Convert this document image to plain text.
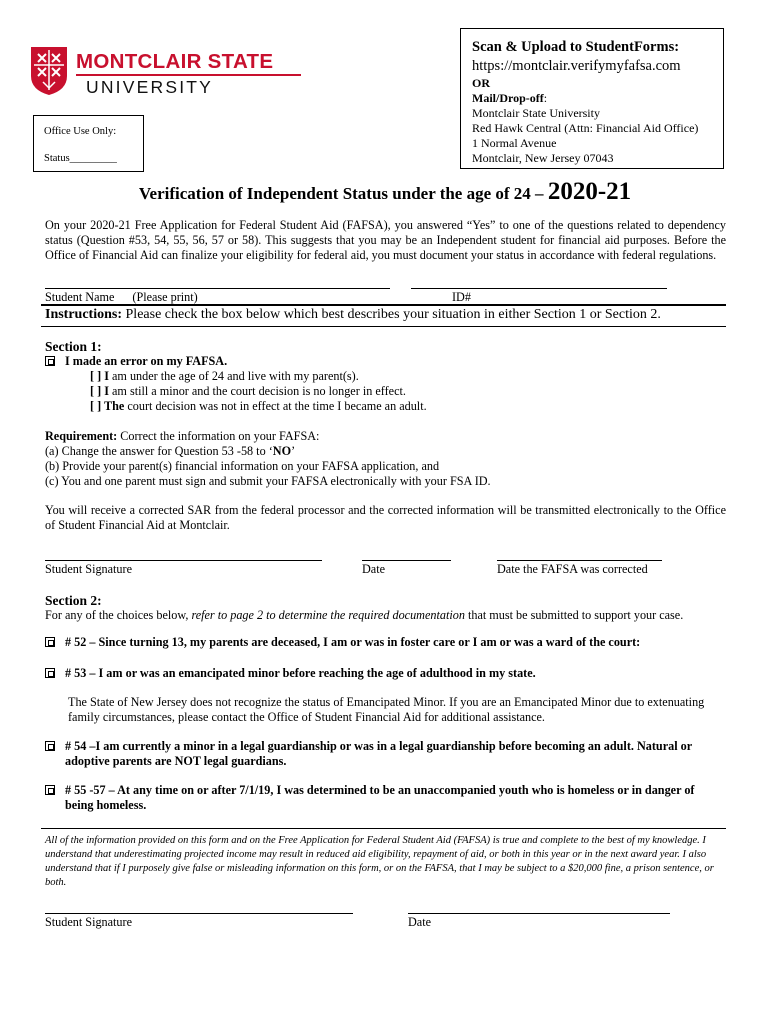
MONTCLAIR STATE
UNIVERSITY
Office Use Only:
Status_________
Scan & Upload to StudentForms:
https://montclair.verifymyfafsa.com
OR
Mail/Drop-off:
Montclair State University
Red Hawk Central (Attn: Financial Aid Office)
1 Normal Avenue
Montclair, New Jersey 07043
Verification of Independent Status under the age of 24 – 2020-21
On your 2020-21 Free Application for Federal Student Aid (FAFSA), you answered “Yes” to one of the questions related to dependency status (Question #53, 54, 55, 56, 57 or 58). This suggests that you may be an Independent student for financial aid purposes. Before the Office of Financial Aid can finalize your eligibility for federal aid, you must document your status in accordance with federal regulations.
Student Name (Please print)	ID#
Instructions: Please check the box below which best describes your situation in either Section 1 or Section 2.
Section 1:
I made an error on my FAFSA.
[ ] I am under the age of 24 and live with my parent(s).
[ ] I am still a minor and the court decision is no longer in effect.
[ ] The court decision was not in effect at the time I became an adult.
Requirement: Correct the information on your FAFSA:
(a) Change the answer for Question 53 -58 to ‘NO’
(b) Provide your parent(s) financial information on your FAFSA application, and
(c) You and one parent must sign and submit your FAFSA electronically with your FSA ID.
You will receive a corrected SAR from the federal processor and the corrected information will be transmitted electronically to the Office of Student Financial Aid at Montclair.
Student Signature	Date	Date the FAFSA was corrected
Section 2:
For any of the choices below, refer to page 2 to determine the required documentation that must be submitted to support your case.
# 52 – Since turning 13, my parents are deceased, I am or was in foster care or I am or was a ward of the court:
# 53 – I am or was an emancipated minor before reaching the age of adulthood in my state.
The State of New Jersey does not recognize the status of Emancipated Minor. If you are an Emancipated Minor due to extenuating family circumstances, please contact the Office of Student Financial Aid for additional assistance.
# 54 –I am currently a minor in a legal guardianship or was in a legal guardianship before becoming an adult. Natural or adoptive parents are NOT legal guardians.
# 55 -57 – At any time on or after 7/1/19, I was determined to be an unaccompanied youth who is homeless or in danger of being homeless.
All of the information provided on this form and on the Free Application for Federal Student Aid (FAFSA) is true and complete to the best of my knowledge. I understand that underestimating projected income may result in reduced aid eligibility, repayment of aid, or both in this year or in the next award year. I also understand that if I purposely give false or misleading information on this form, or on the FAFSA, that I may be subject to a $20,000 fine, a prison sentence, or both.
Student Signature	Date
